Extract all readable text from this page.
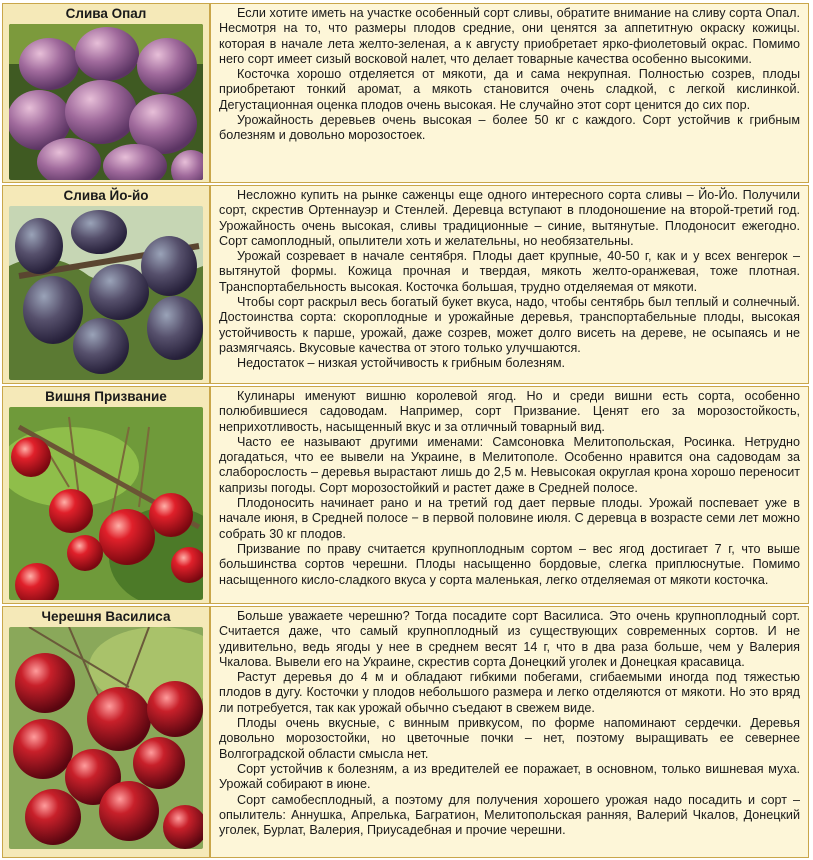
Слива Опал	Если хотите иметь на участке особенный сорт сливы, обратите внимание на сливу сорта Опал. Несмотря на то, что размеры плодов средние, они ценятся за аппетитную окраску кожицы. которая в начале лета желто-зеленая, а к августу приобретает ярко-фиолетовый окрас. Помимо него сорт имеет сизый восковой налет, что делает товарные качества особенно высокими.

Косточка хорошо отделяется от мякоти, да и сама некрупная. Полностью созрев, плоды приобретают тонкий аромат, а мякоть становится очень сладкой, с легкой кислинкой. Дегустационная оценка плодов очень высокая. Не случайно этот сорт ценится до сих пор.

Урожайность деревьев очень высокая – более 50 кг с каждого. Сорт устойчив к грибным болезням и довольно морозостоек.

Слива Йо-йо	Несложно купить на рынке саженцы еще одного интересного сорта сливы – Йо-Йо. Получили сорт, скрестив Ортеннауэр и Стенлей. Деревца вступают в плодоношение на второй-третий год. Урожайность очень высокая, сливы традиционные – синие, вытянутые. Плодоносит ежегодно. Сорт самоплодный, опылители хоть и желательны, но необязательны.

Урожай созревает в начале сентября. Плоды дает крупные, 40-50 г, как и у всех венгерок – вытянутой формы. Кожица прочная и твердая, мякоть желто-оранжевая, тоже плотная. Транспортабельность высокая. Косточка большая, трудно отделяемая от мякоти.

Чтобы сорт раскрыл весь богатый букет вкуса, надо, чтобы сентябрь был теплый и солнечный. Достоинства сорта: скороплодные и урожайные деревья, транспортабельные плоды, высокая устойчивость к парше, урожай, даже созрев, может долго висеть на дереве, не осыпаясь и не размягчаясь. Вкусовые качества от этого только улучшаются.

Недостаток – низкая устойчивость к грибным болезням.

Вишня Призвание	Кулинары именуют вишню королевой ягод. Но и среди вишни есть сорта, особенно полюбившиеся садоводам. Например, сорт Призвание. Ценят его за морозостойкость, неприхотливость, насыщенный вкус и за отличный товарный вид.

Часто ее называют другими именами: Самсоновка Мелитопольская, Росинка. Нетрудно догадаться, что ее вывели на Украине, в Мелитополе. Особенно нравится она садоводам за слаборослость – деревья вырастают лишь до 2,5 м. Невысокая округлая крона хорошо переносит капризы погоды. Сорт морозостойкий и растет даже в Средней полосе.

Плодоносить начинает рано и на третий год дает первые плоды. Урожай поспевает уже в начале июня, в Средней полосе − в первой половине июля. С деревца в возрасте семи лет можно собрать 30 кг плодов.

Призвание по праву считается крупноплодным сортом – вес ягод достигает 7 г, что выше большинства сортов черешни. Плоды насыщенно бордовые, слегка приплюснутые. Помимо насыщенного кисло-сладкого вкуса у сорта маленькая, легко отделяемая от мякоти косточка.

Черешня Василиса	Больше уважаете черешню? Тогда посадите сорт Василиса. Это очень крупноплодный сорт. Считается даже, что самый крупноплодный из существующих современных сортов. И не удивительно, ведь ягоды у нее в среднем весят 14 г, что в два раза больше, чем у Валерия Чкалова. Вывели его на Украине, скрестив сорта Донецкий уголек и Донецкая красавица.

Растут деревья до 4 м и обладают гибкими побегами, сгибаемыми иногда под тяжестью плодов в дугу. Косточки у плодов небольшого размера и легко отделяются от мякоти. Но это вряд ли потребуется, так как урожай обычно съедают в свежем виде.

Плоды очень вкусные, с винным привкусом, по форме напоминают сердечки. Деревья довольно морозостойки, но цветочные почки – нет, поэтому выращивать ее севернее Волгоградской области смысла нет.

Сорт устойчив к болезням, а из вредителей ее поражает, в основном, только вишневая муха. Урожай собирают в июне.

Сорт самобесплодный, а поэтому для получения хорошего урожая надо посадить и сорт – опылитель: Аннушка, Апрелька, Багратион, Мелитопольская ранняя, Валерий Чкалов, Донецкий уголек, Бурлат, Валерия, Приусадебная и прочие черешни.
